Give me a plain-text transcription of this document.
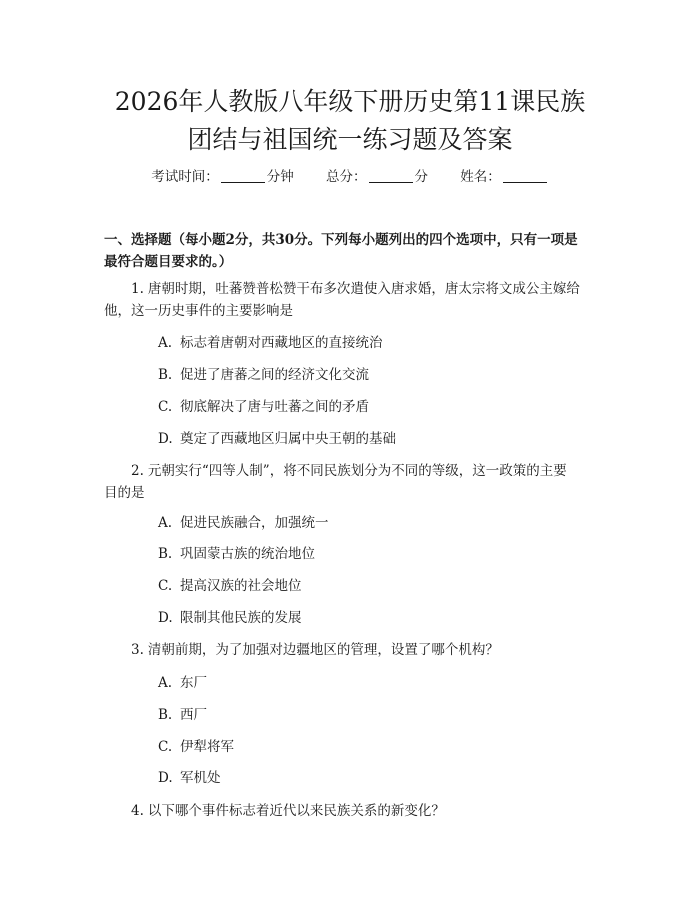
2026年人教版八年级下册历史第11课民族
团结与祖国统一练习题及答案
考试时间：	分钟 总分：	分 姓名：
一、选择题（每小题2分，共30分。下列每小题列出的四个选项中，只有一项是
最符合题目要求的。）
1. 唐朝时期，吐蕃赞普松赞干布多次遣使入唐求婚，唐太宗将文成公主嫁给
他，这一历史事件的主要影响是
A. 标志着唐朝对西藏地区的直接统治
B. 促进了唐蕃之间的经济文化交流
C. 彻底解决了唐与吐蕃之间的矛盾
D. 奠定了西藏地区归属中央王朝的基础
2. 元朝实行“四等人制”，将不同民族划分为不同的等级，这一政策的主要
目的是
A. 促进民族融合，加强统一
B. 巩固蒙古族的统治地位
C. 提高汉族的社会地位
D. 限制其他民族的发展
3. 清朝前期，为了加强对边疆地区的管理，设置了哪个机构？
A. 东厂
B. 西厂
C. 伊犁将军
D. 军机处
4. 以下哪个事件标志着近代以来民族关系的新变化？
